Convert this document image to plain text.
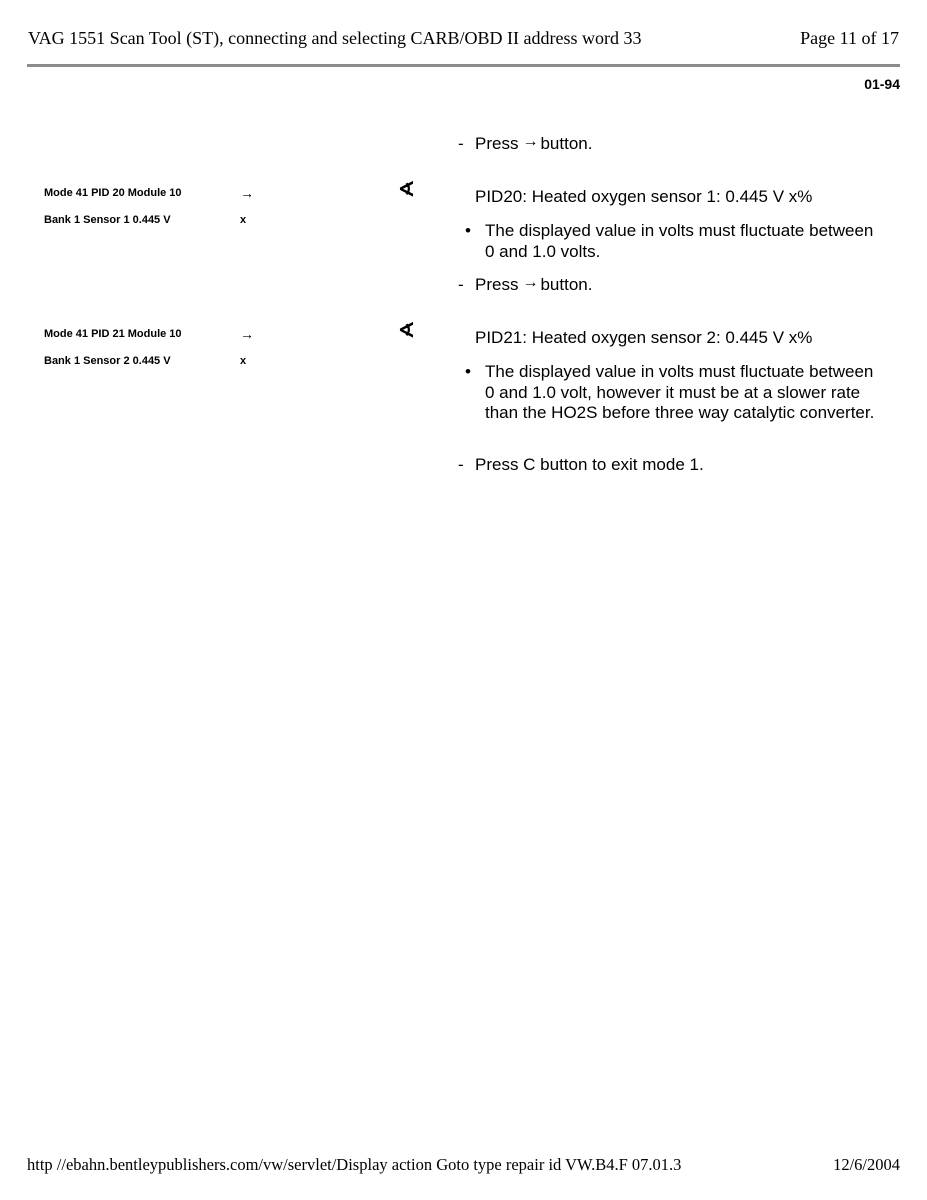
VAG 1551 Scan Tool (ST), connecting and selecting CARB/OBD II address word 33	Page 11 of 17
01-94
- Press → button.
Mode 41 PID 20 Module 10	→	∢
Bank 1 Sensor 1 0.445 V	x
PID20: Heated oxygen sensor 1: 0.445 V x%
• The displayed value in volts must fluctuate between 0 and 1.0 volts.
- Press → button.
Mode 41 PID 21 Module 10	→	∢
Bank 1 Sensor 2 0.445 V	x
PID21: Heated oxygen sensor 2: 0.445 V x%
• The displayed value in volts must fluctuate between 0 and 1.0 volt, however it must be at a slower rate than the HO2S before three way catalytic converter.
- Press C button to exit mode 1.
http //ebahn.bentleypublishers.com/vw/servlet/Display action Goto type repair id VW.B4.F 07.01.3	12/6/2004
